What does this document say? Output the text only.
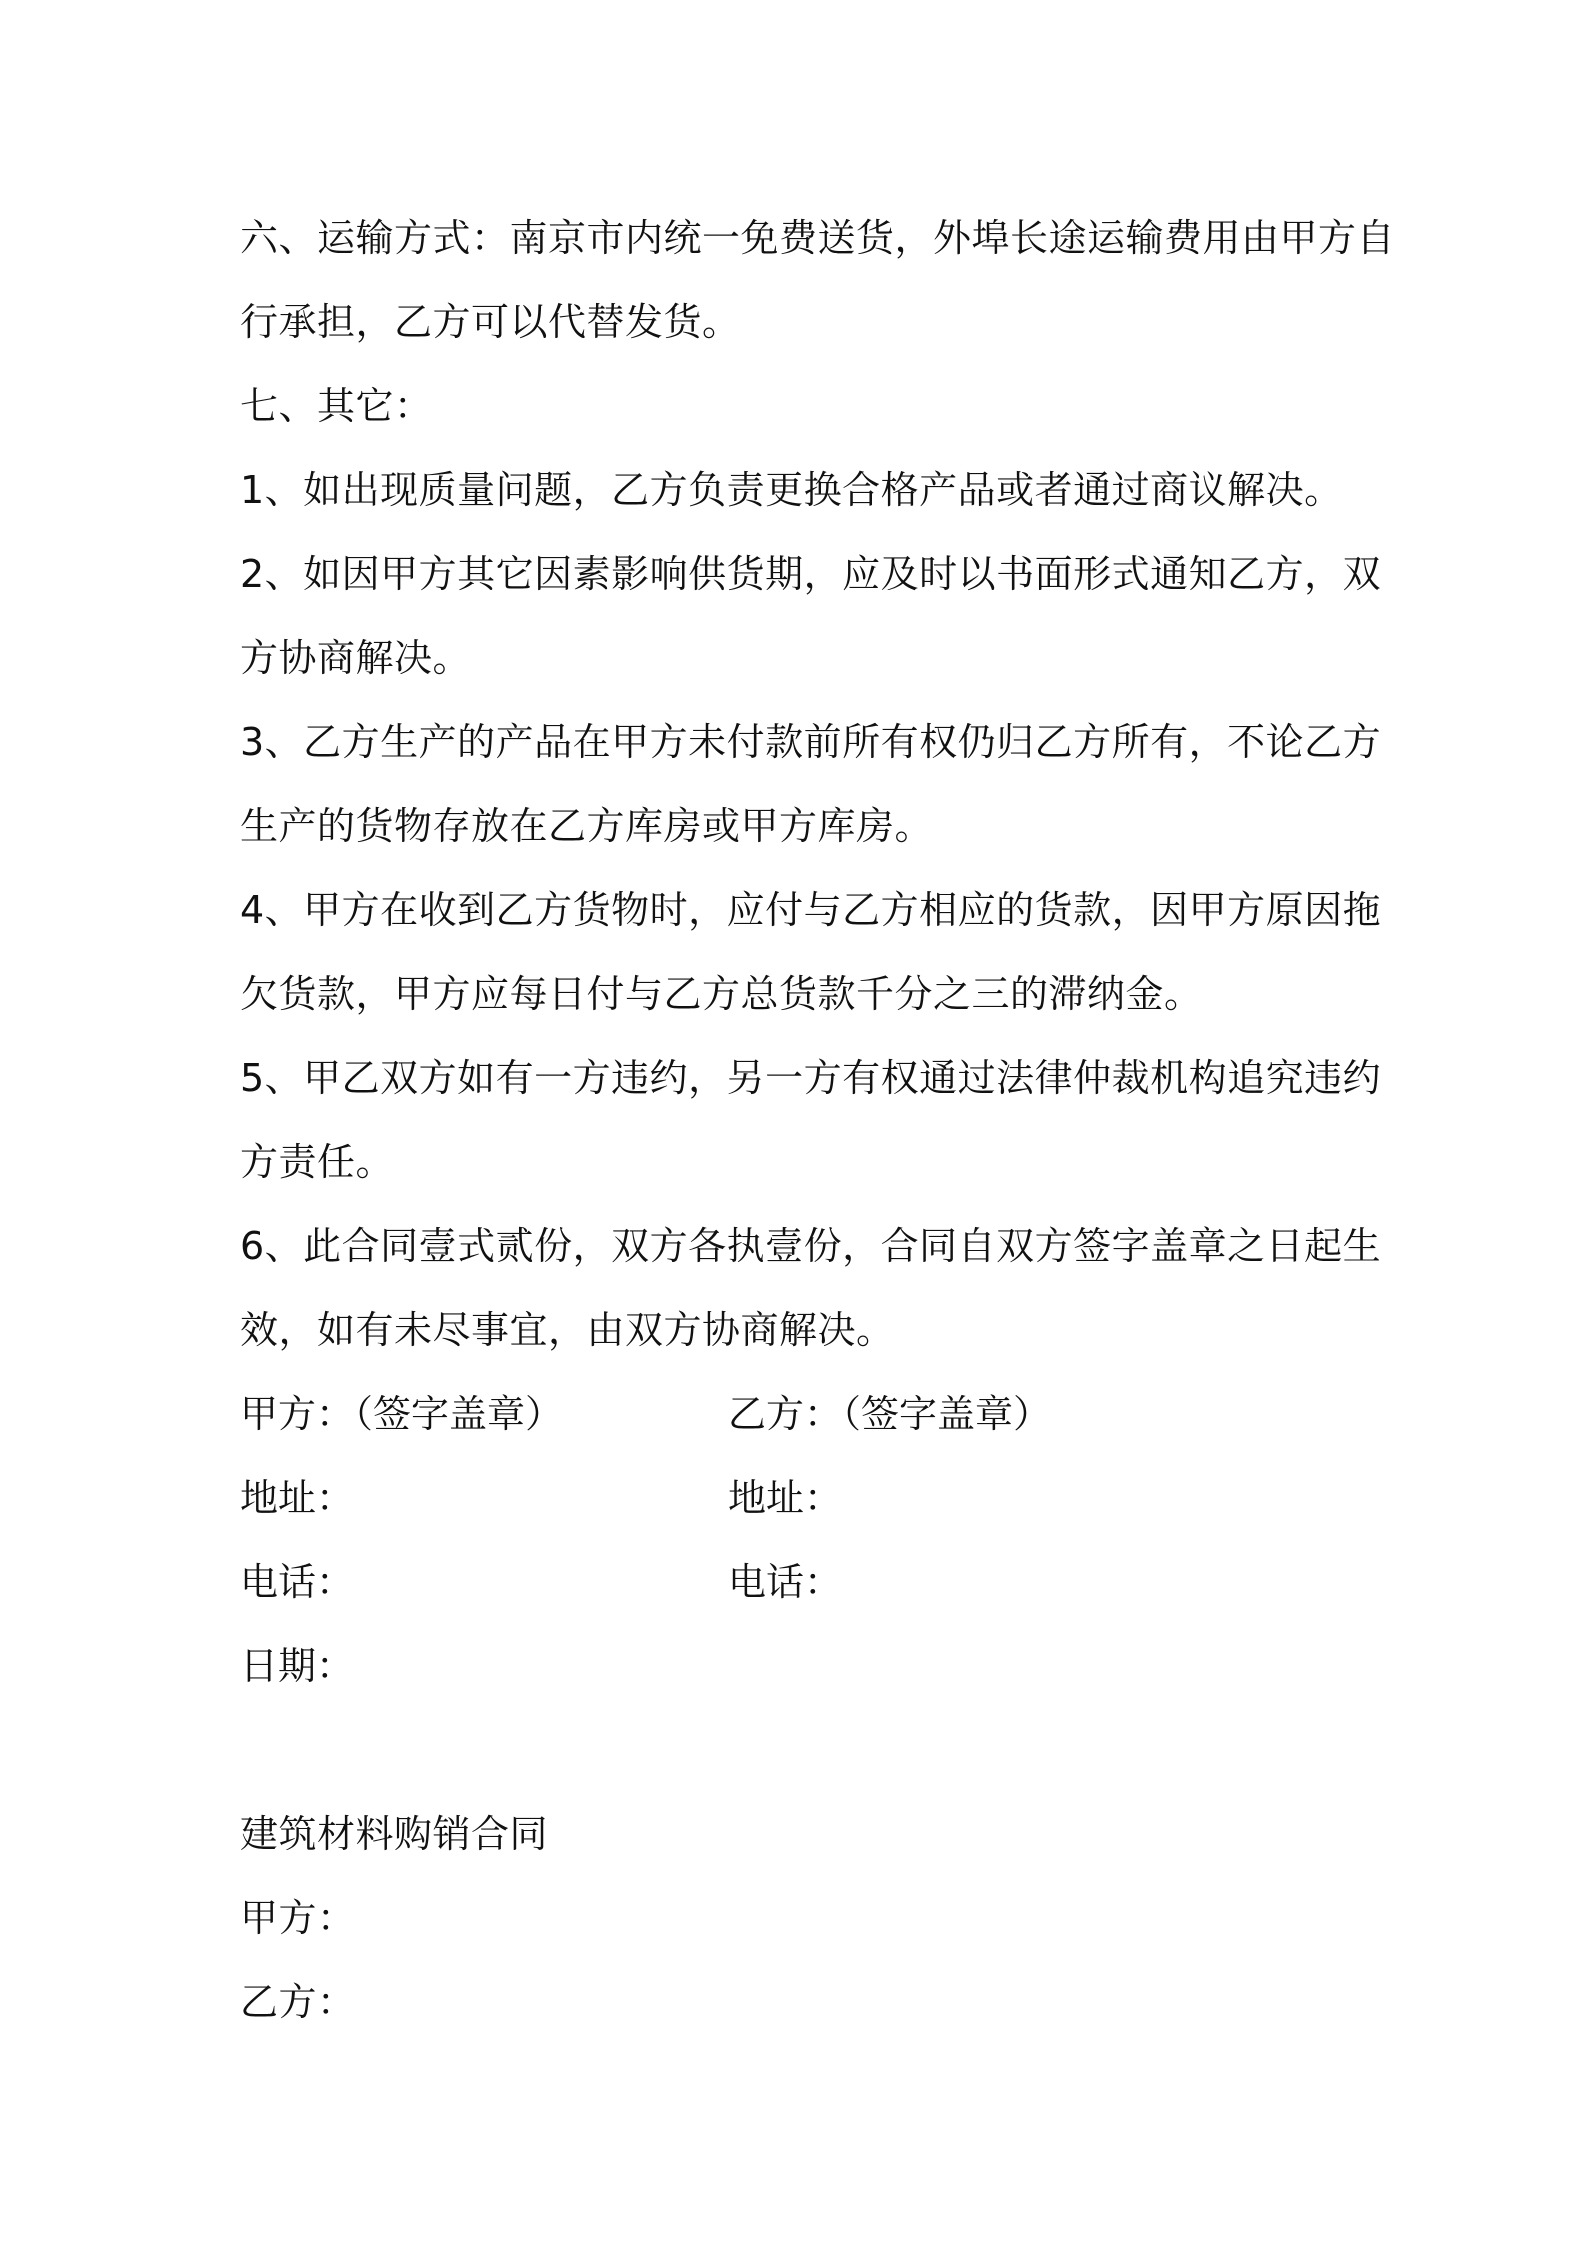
六、运输方式：南京市内统一免费送货，外埠长途运输费用由甲方自
行承担，乙方可以代替发货。
七、其它：
1、如出现质量问题，乙方负责更换合格产品或者通过商议解决。
2、如因甲方其它因素影响供货期，应及时以书面形式通知乙方，双
方协商解决。
3、乙方生产的产品在甲方未付款前所有权仍归乙方所有，不论乙方
生产的货物存放在乙方库房或甲方库房。
4、甲方在收到乙方货物时，应付与乙方相应的货款，因甲方原因拖
欠货款，甲方应每日付与乙方总货款千分之三的滞纳金。
5、甲乙双方如有一方违约，另一方有权通过法律仲裁机构追究违约
方责任。
6、此合同壹式贰份，双方各执壹份，合同自双方签字盖章之日起生
效，如有未尽事宜，由双方协商解决。
甲方：（签字盖章）	乙方：（签字盖章）
地址：	地址：
电话：	电话：
日期：
建筑材料购销合同
甲方：
乙方：
